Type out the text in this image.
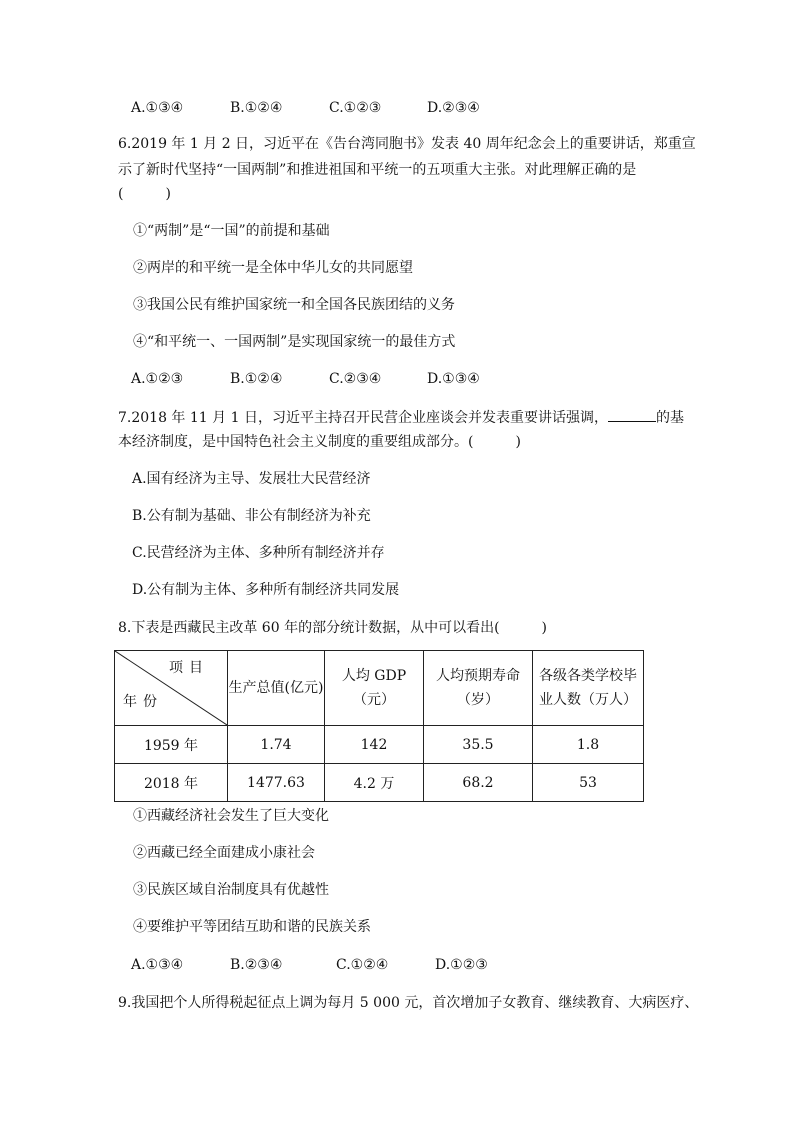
A.①③④	B.①②④	C.①②③	D.②③④
6.2019 年 1 月 2 日，习近平在《告台湾同胞书》发表 40 周年纪念会上的重要讲话，郑重宣
示了新时代坚持“一国两制”和推进祖国和平统一的五项重大主张。对此理解正确的是
(　　　)
①“两制”是“一国”的前提和基础
②两岸的和平统一是全体中华儿女的共同愿望
③我国公民有维护国家统一和全国各民族团结的义务
④“和平统一、一国两制”是实现国家统一的最佳方式
A.①②③	B.①②④	C.②③④	D.①③④
7.2018 年 11 月 1 日，习近平主持召开民营企业座谈会并发表重要讲话强调，	的基
本经济制度，是中国特色社会主义制度的重要组成部分。(　　　)
A.国有经济为主导、发展壮大民营经济
B.公有制为基础、非公有制经济为补充
C.民营经济为主体、多种所有制经济并存
D.公有制为主体、多种所有制经济共同发展
8.下表是西藏民主改革 60 年的部分统计数据，从中可以看出(　　　)
项目
年份	生产总值(亿元)	人均 GDP（元）	人均预期寿命（岁）	各级各类学校毕业人数（万人）
1959 年	1.74	142	35.5	1.8
2018 年	1477.63	4.2 万	68.2	53
①西藏经济社会发生了巨大变化
②西藏已经全面建成小康社会
③民族区域自治制度具有优越性
④要维护平等团结互助和谐的民族关系
A.①③④	B.②③④	C.①②④	D.①②③
9.我国把个人所得税起征点上调为每月 5 000 元，首次增加子女教育、继续教育、大病医疗、
